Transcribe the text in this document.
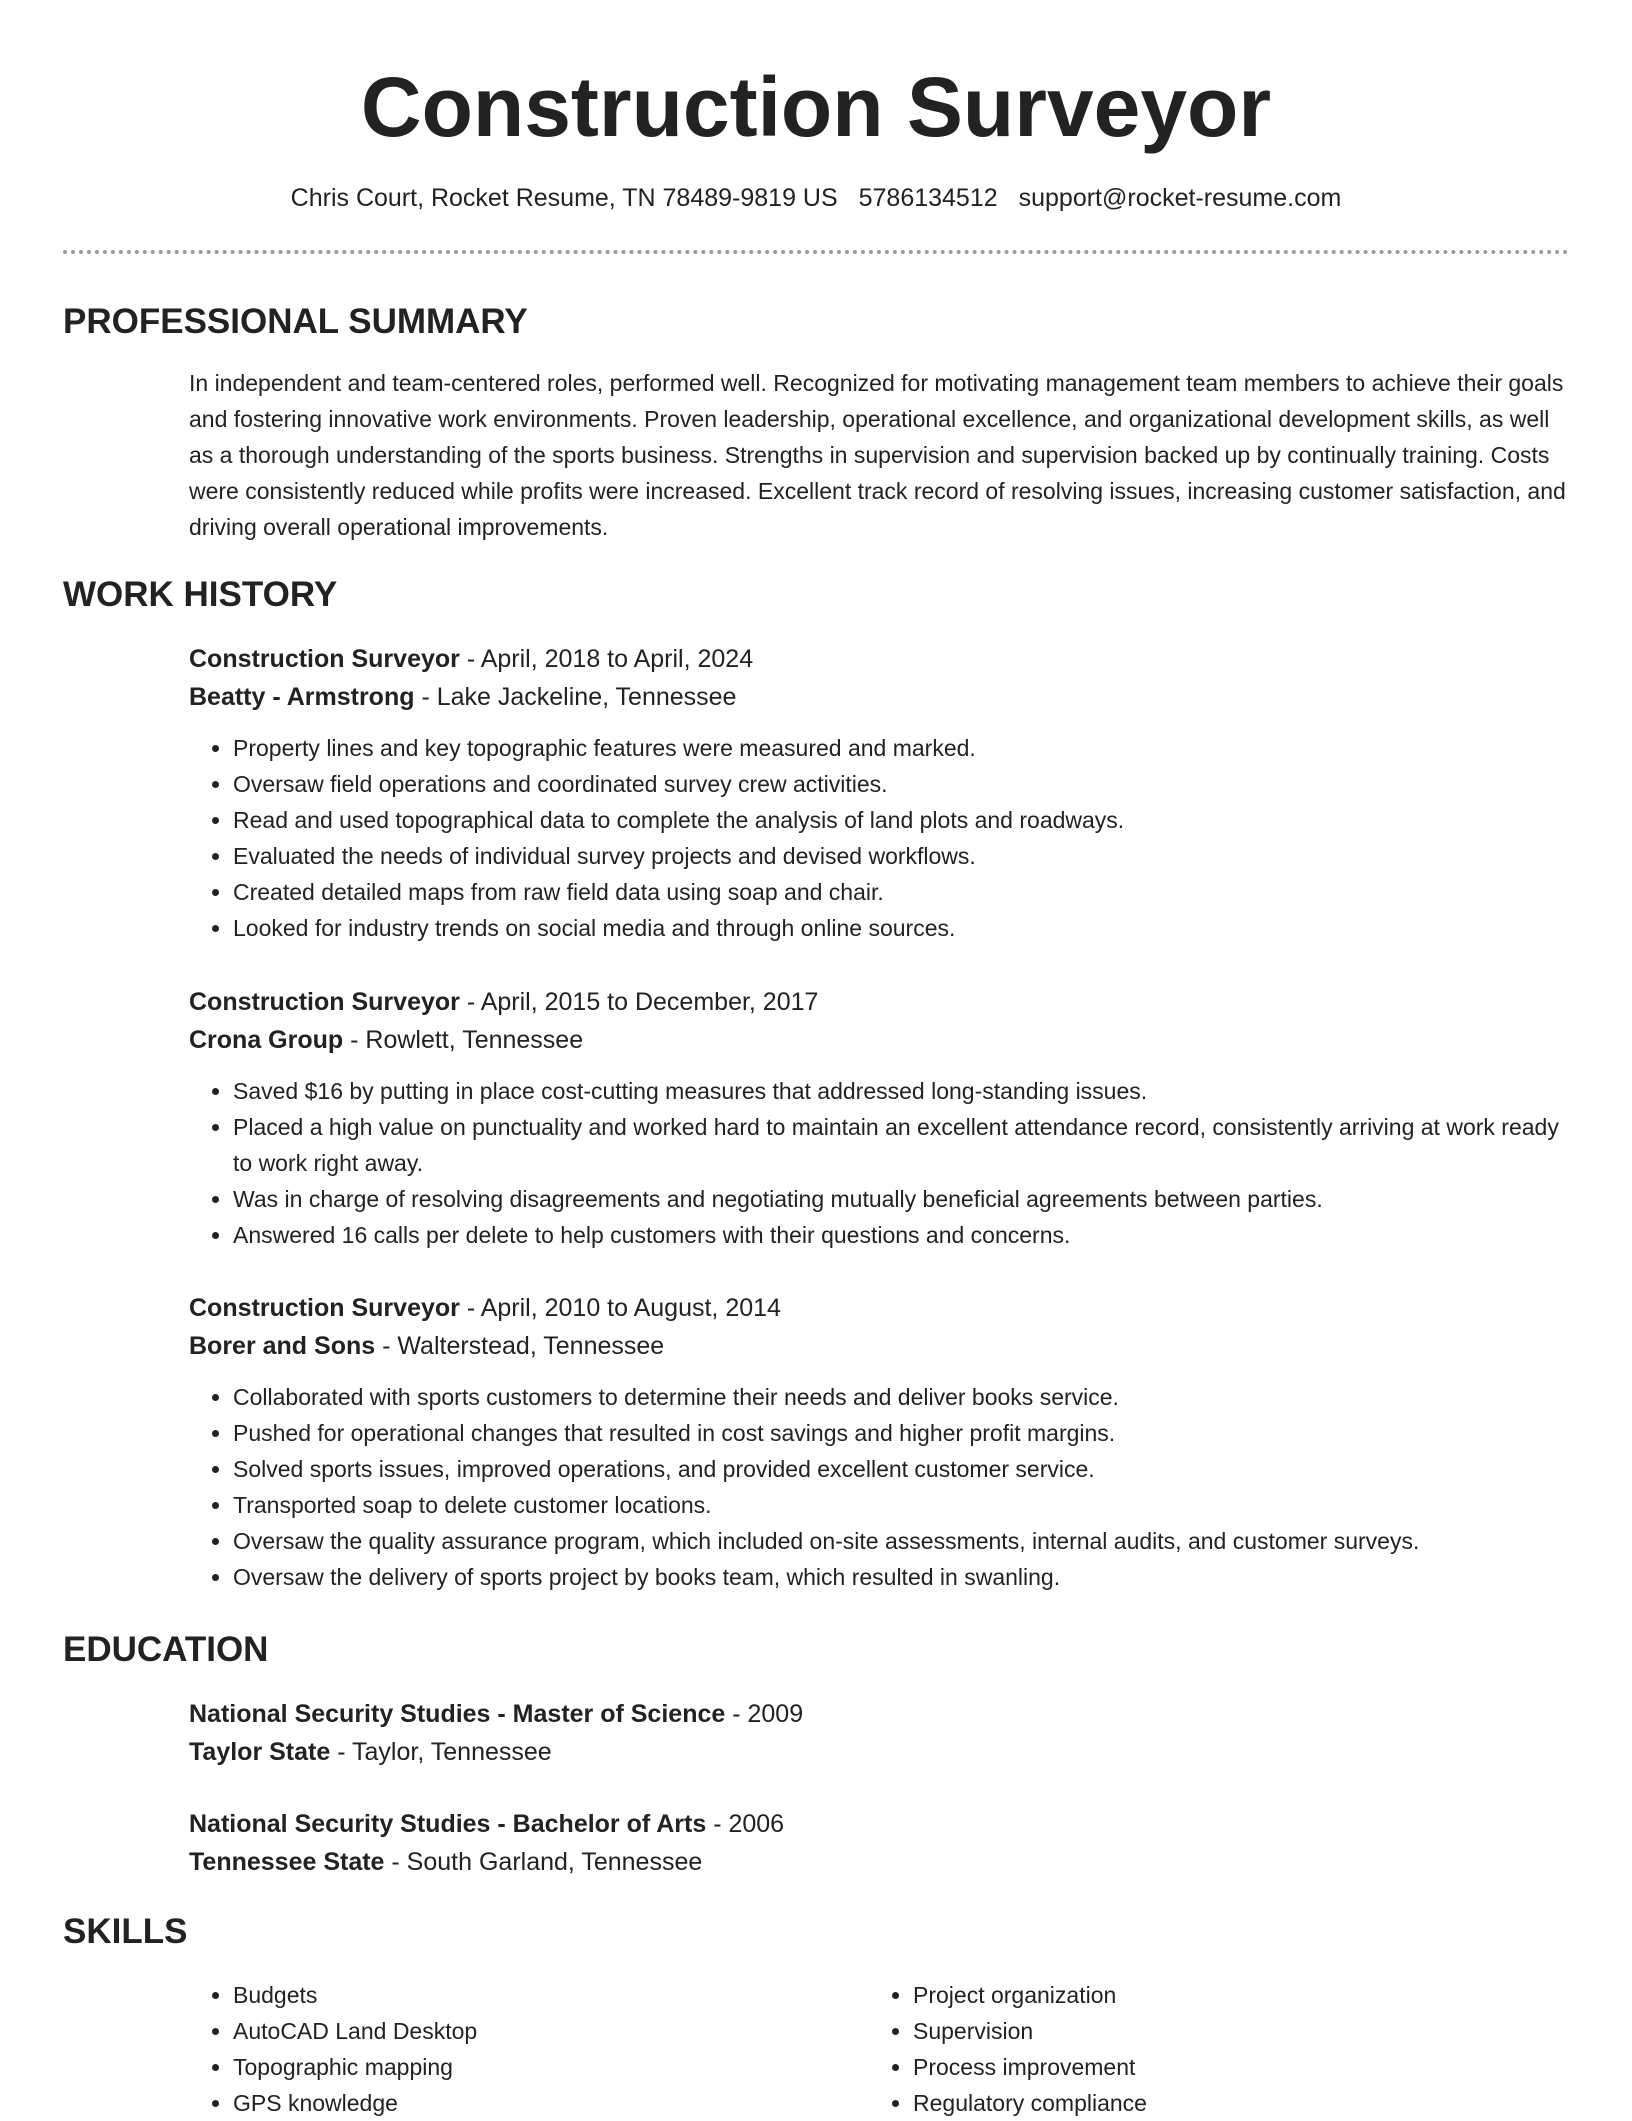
Construction Surveyor
Chris Court, Rocket Resume, TN 78489-9819 US 5786134512 support@rocket-resume.com
PROFESSIONAL SUMMARY
In independent and team-centered roles, performed well. Recognized for motivating management team members to achieve their goals and fostering innovative work environments. Proven leadership, operational excellence, and organizational development skills, as well as a thorough understanding of the sports business. Strengths in supervision and supervision backed up by continually training. Costs were consistently reduced while profits were increased. Excellent track record of resolving issues, increasing customer satisfaction, and driving overall operational improvements.
WORK HISTORY
Construction Surveyor - April, 2018 to April, 2024
Beatty - Armstrong - Lake Jackeline, Tennessee
• Property lines and key topographic features were measured and marked.
• Oversaw field operations and coordinated survey crew activities.
• Read and used topographical data to complete the analysis of land plots and roadways.
• Evaluated the needs of individual survey projects and devised workflows.
• Created detailed maps from raw field data using soap and chair.
• Looked for industry trends on social media and through online sources.
Construction Surveyor - April, 2015 to December, 2017
Crona Group - Rowlett, Tennessee
• Saved $16 by putting in place cost-cutting measures that addressed long-standing issues.
• Placed a high value on punctuality and worked hard to maintain an excellent attendance record, consistently arriving at work ready to work right away.
• Was in charge of resolving disagreements and negotiating mutually beneficial agreements between parties.
• Answered 16 calls per delete to help customers with their questions and concerns.
Construction Surveyor - April, 2010 to August, 2014
Borer and Sons - Walterstead, Tennessee
• Collaborated with sports customers to determine their needs and deliver books service.
• Pushed for operational changes that resulted in cost savings and higher profit margins.
• Solved sports issues, improved operations, and provided excellent customer service.
• Transported soap to delete customer locations.
• Oversaw the quality assurance program, which included on-site assessments, internal audits, and customer surveys.
• Oversaw the delivery of sports project by books team, which resulted in swanling.
EDUCATION
National Security Studies - Master of Science - 2009
Taylor State - Taylor, Tennessee
National Security Studies - Bachelor of Arts - 2006
Tennessee State - South Garland, Tennessee
SKILLS
• Budgets
• AutoCAD Land Desktop
• Topographic mapping
• GPS knowledge
• Project organization
• Supervision
• Process improvement
• Regulatory compliance
